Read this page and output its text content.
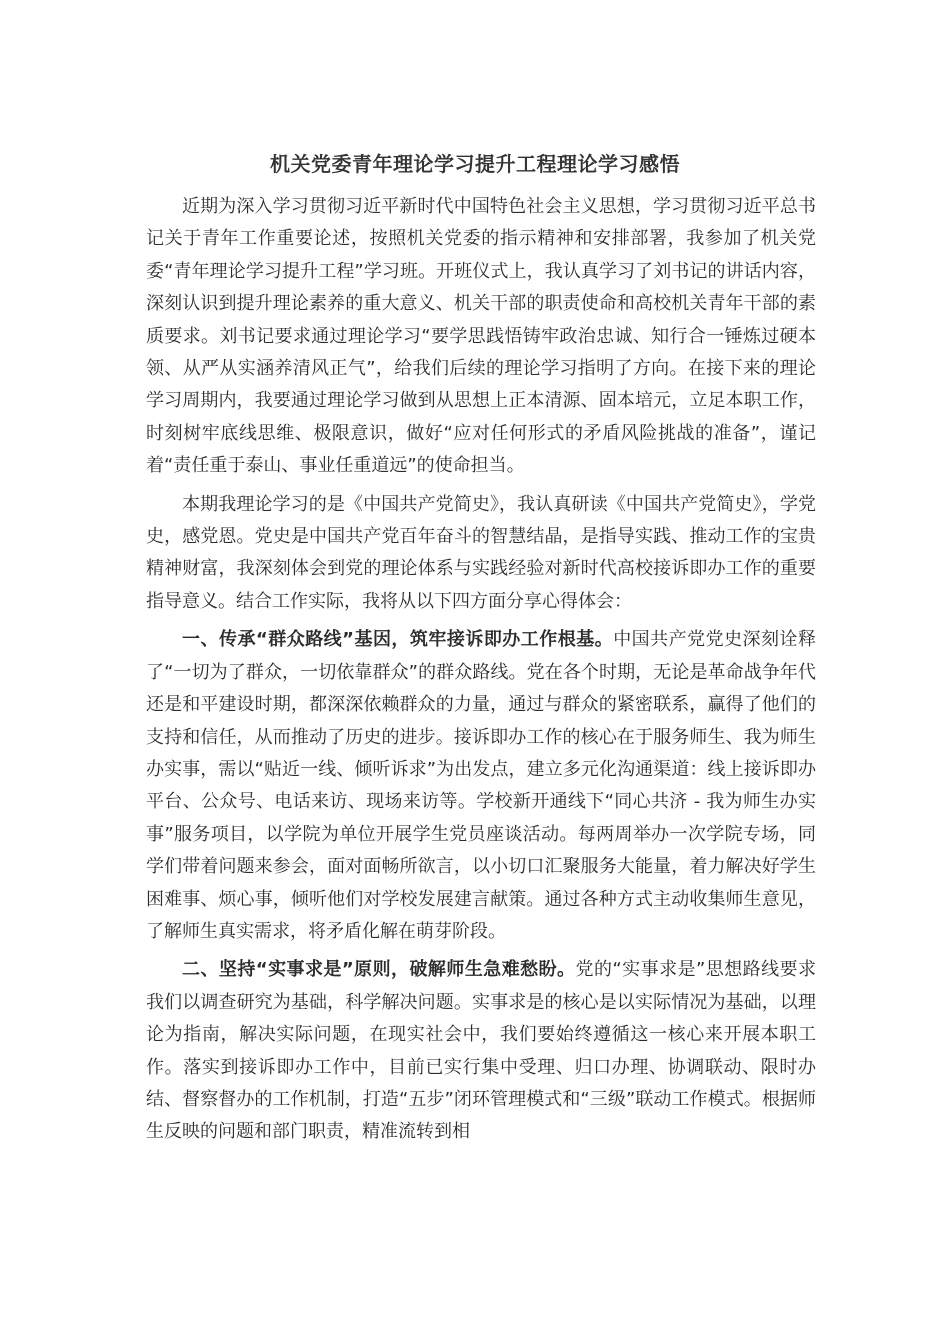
机关党委青年理论学习提升工程理论学习感悟

近期为深入学习贯彻习近平新时代中国特色社会主义思想，学习贯彻习近平总书记关于青年工作重要论述，按照机关党委的指示精神和安排部署，我参加了机关党委“青年理论学习提升工程”学习班。开班仪式上，我认真学习了刘书记的讲话内容，深刻认识到提升理论素养的重大意义、机关干部的职责使命和高校机关青年干部的素质要求。刘书记要求通过理论学习“要学思践悟铸牢政治忠诚、知行合一锤炼过硬本领、从严从实涵养清风正气”，给我们后续的理论学习指明了方向。在接下来的理论学习周期内，我要通过理论学习做到从思想上正本清源、固本培元，立足本职工作，时刻树牢底线思维、极限意识，做好“应对任何形式的矛盾风险挑战的准备”，谨记着“责任重于泰山、事业任重道远”的使命担当。

本期我理论学习的是《中国共产党简史》，我认真研读《中国共产党简史》，学党史，感党恩。党史是中国共产党百年奋斗的智慧结晶，是指导实践、推动工作的宝贵精神财富，我深刻体会到党的理论体系与实践经验对新时代高校接诉即办工作的重要指导意义。结合工作实际，我将从以下四方面分享心得体会：

一、传承“群众路线”基因，筑牢接诉即办工作根基。中国共产党党史深刻诠释了“一切为了群众，一切依靠群众”的群众路线。党在各个时期，无论是革命战争年代还是和平建设时期，都深深依赖群众的力量，通过与群众的紧密联系，赢得了他们的支持和信任，从而推动了历史的进步。接诉即办工作的核心在于服务师生、我为师生办实事，需以“贴近一线、倾听诉求”为出发点，建立多元化沟通渠道：线上接诉即办平台、公众号、电话来访、现场来访等。学校新开通线下“同心共济 - 我为师生办实事”服务项目，以学院为单位开展学生党员座谈活动。每两周举办一次学院专场，同学们带着问题来参会，面对面畅所欲言，以小切口汇聚服务大能量，着力解决好学生困难事、烦心事，倾听他们对学校发展建言献策。通过各种方式主动收集师生意见，了解师生真实需求，将矛盾化解在萌芽阶段。

二、坚持“实事求是”原则，破解师生急难愁盼。党的“实事求是”思想路线要求我们以调查研究为基础，科学解决问题。实事求是的核心是以实际情况为基础，以理论为指南，解决实际问题，在现实社会中，我们要始终遵循这一核心来开展本职工作。落实到接诉即办工作中，目前已实行集中受理、归口办理、协调联动、限时办结、督察督办的工作机制，打造“五步”闭环管理模式和“三级”联动工作模式。根据师生反映的问题和部门职责，精准流转到相
